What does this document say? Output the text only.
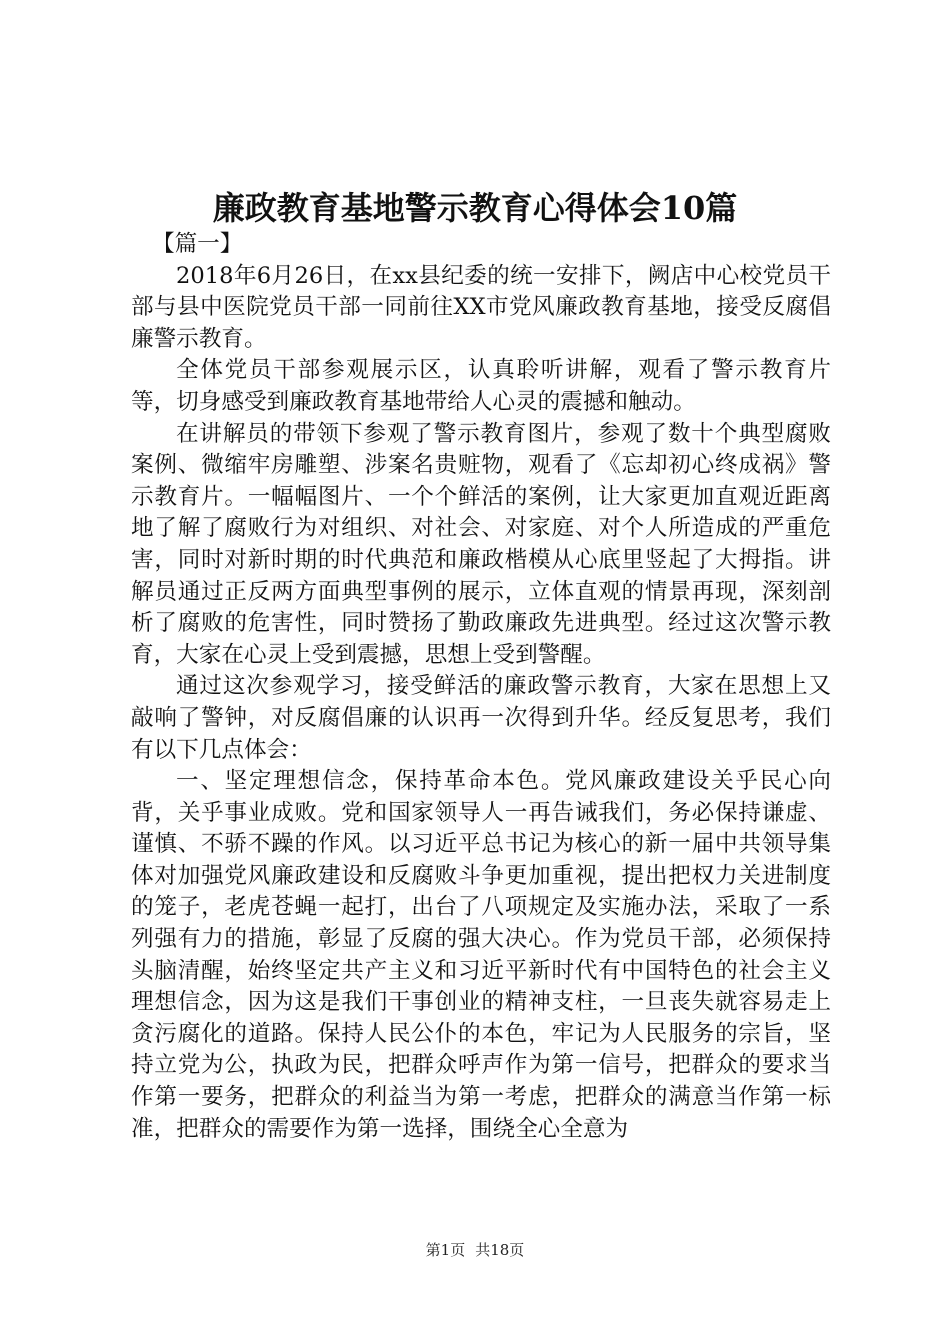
廉政教育基地警示教育心得体会10篇

【篇一】

2018年6月26日，在xx县纪委的统一安排下，阙店中心校党员干部与县中医院党员干部一同前往XX市党风廉政教育基地，接受反腐倡廉警示教育。

全体党员干部参观展示区，认真聆听讲解，观看了警示教育片等，切身感受到廉政教育基地带给人心灵的震撼和触动。

在讲解员的带领下参观了警示教育图片，参观了数十个典型腐败案例、微缩牢房雕塑、涉案名贵赃物，观看了《忘却初心终成祸》警示教育片。一幅幅图片、一个个鲜活的案例，让大家更加直观近距离地了解了腐败行为对组织、对社会、对家庭、对个人所造成的严重危害，同时对新时期的时代典范和廉政楷模从心底里竖起了大拇指。讲解员通过正反两方面典型事例的展示，立体直观的情景再现，深刻剖析了腐败的危害性，同时赞扬了勤政廉政先进典型。经过这次警示教育，大家在心灵上受到震撼，思想上受到警醒。

通过这次参观学习，接受鲜活的廉政警示教育，大家在思想上又敲响了警钟，对反腐倡廉的认识再一次得到升华。经反复思考，我们有以下几点体会：

一、坚定理想信念，保持革命本色。党风廉政建设关乎民心向背，关乎事业成败。党和国家领导人一再告诫我们，务必保持谦虚、谨慎、不骄不躁的作风。以习近平总书记为核心的新一届中共领导集体对加强党风廉政建设和反腐败斗争更加重视，提出把权力关进制度的笼子，老虎苍蝇一起打，出台了八项规定及实施办法，采取了一系列强有力的措施，彰显了反腐的强大决心。作为党员干部，必须保持头脑清醒，始终坚定共产主义和习近平新时代有中国特色的社会主义理想信念，因为这是我们干事创业的精神支柱，一旦丧失就容易走上贪污腐化的道路。保持人民公仆的本色，牢记为人民服务的宗旨，坚持立党为公，执政为民，把群众呼声作为第一信号，把群众的要求当作第一要务，把群众的利益当为第一考虑，把群众的满意当作第一标准，把群众的需要作为第一选择，围绕全心全意为

第1页 共18页
